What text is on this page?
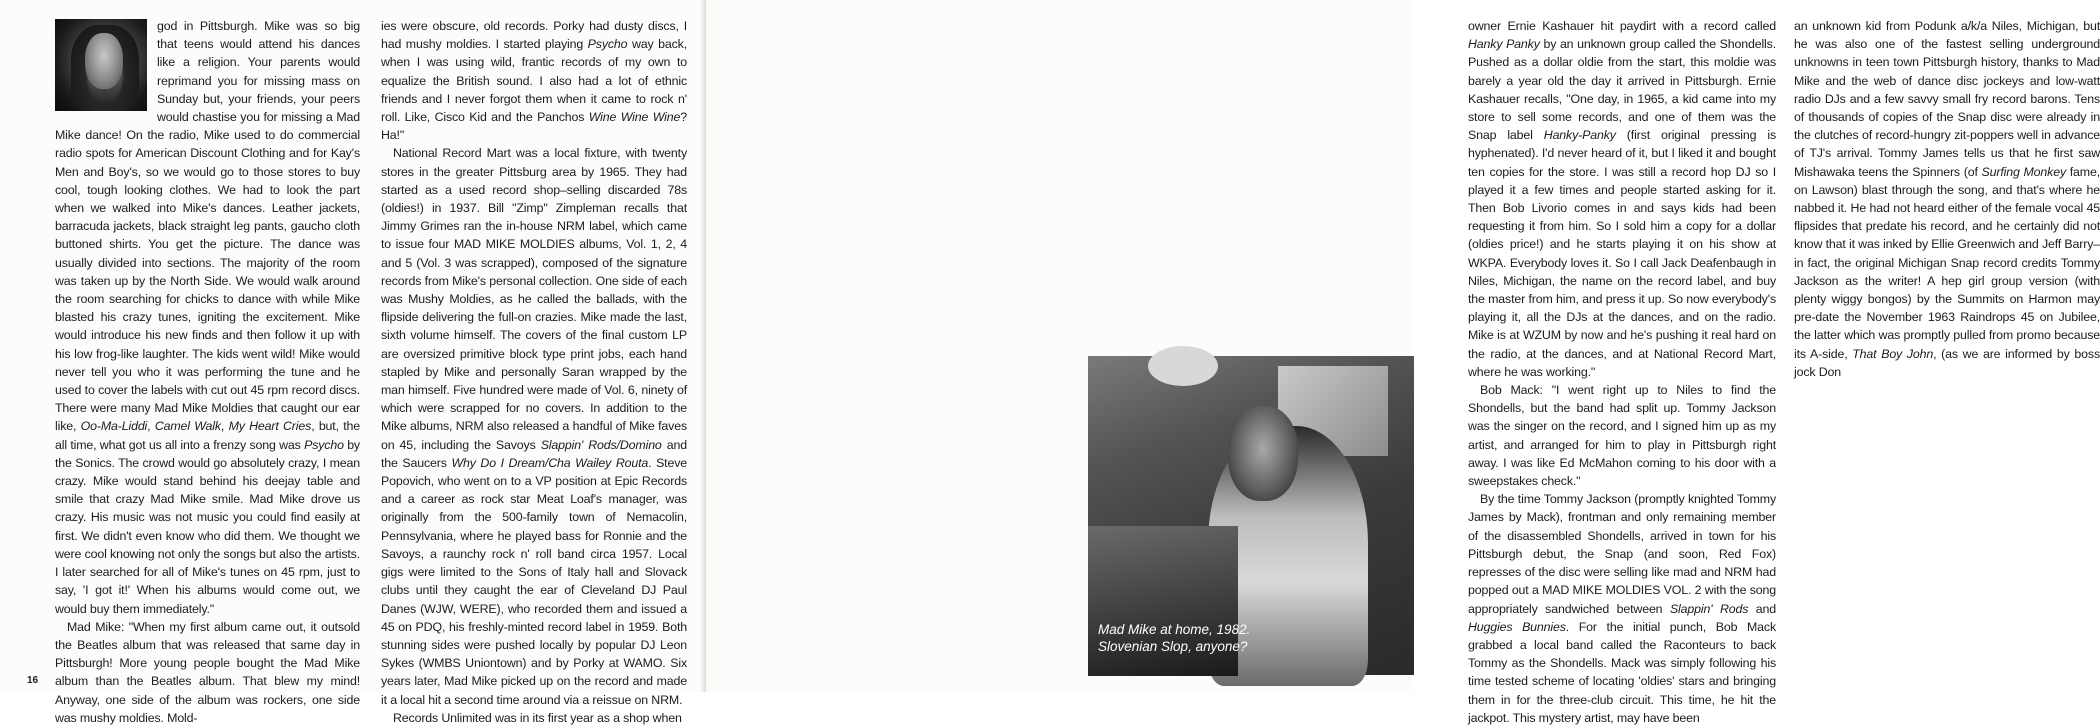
god in Pittsburgh. Mike was so big that teens would attend his dances like a religion. Your parents would reprimand you for missing mass on Sunday but, your friends, your peers would chastise you for missing a Mad Mike dance! On the radio, Mike used to do commercial radio spots for American Discount Clothing and for Kay's Men and Boy's, so we would go to those stores to buy cool, tough looking clothes. We had to look the part when we walked into Mike's dances. Leather jackets, barracuda jackets, black straight leg pants, gaucho cloth buttoned shirts. You get the picture. The dance was usually divided into sections. The majority of the room was taken up by the North Side. We would walk around the room searching for chicks to dance with while Mike blasted his crazy tunes, igniting the excitement. Mike would introduce his new finds and then follow it up with his low frog-like laughter. The kids went wild! Mike would never tell you who it was performing the tune and he used to cover the labels with cut out 45 rpm record discs. There were many Mad Mike Moldies that caught our ear like, Oo-Ma-Liddi, Camel Walk, My Heart Cries, but, the all time, what got us all into a frenzy song was Psycho by the Sonics. The crowd would go absolutely crazy, I mean crazy. Mike would stand behind his deejay table and smile that crazy Mad Mike smile. Mad Mike drove us crazy. His music was not music you could find easily at first. We didn't even know who did them. We thought we were cool knowing not only the songs but also the artists. I later searched for all of Mike's tunes on 45 rpm, just to say, 'I got it!' When his albums would come out, we would buy them immediately."

Mad Mike: "When my first album came out, it outsold the Beatles album that was released that same day in Pittsburgh! More young people bought the Mad Mike album than the Beatles album. That blew my mind! Anyway, one side of the album was rockers, one side was mushy moldies. Mold-

ies were obscure, old records. Porky had dusty discs, I had mushy moldies. I started playing Psycho way back, when I was using wild, frantic records of my own to equalize the British sound. I also had a lot of ethnic friends and I never forgot them when it came to rock n' roll. Like, Cisco Kid and the Panchos Wine Wine Wine? Ha!"

National Record Mart was a local fixture, with twenty stores in the greater Pittsburg area by 1965. They had started as a used record shop–selling discarded 78s (oldies!) in 1937. Bill "Zimp" Zimpleman recalls that Jimmy Grimes ran the in-house NRM label, which came to issue four MAD MIKE MOLDIES albums, Vol. 1, 2, 4 and 5 (Vol. 3 was scrapped), composed of the signature records from Mike's personal collection. One side of each was Mushy Moldies, as he called the ballads, with the flipside delivering the full-on crazies. Mike made the last, sixth volume himself. The covers of the final custom LP are oversized primitive block type print jobs, each hand stapled by Mike and personally Saran wrapped by the man himself. Five hundred were made of Vol. 6, ninety of which were scrapped for no covers. In addition to the Mike albums, NRM also released a handful of Mike faves on 45, including the Savoys Slappin' Rods/Domino and the Saucers Why Do I Dream/Cha Wailey Routa. Steve Popovich, who went on to a VP position at Epic Records and a career as rock star Meat Loaf's manager, was originally from the 500-family town of Nemacolin, Pennsylvania, where he played bass for Ronnie and the Savoys, a raunchy rock n' roll band circa 1957. Local gigs were limited to the Sons of Italy hall and Slovack clubs until they caught the ear of Cleveland DJ Paul Danes (WJW, WERE), who recorded them and issued a 45 on PDQ, his freshly-minted record label in 1959. Both stunning sides were pushed locally by popular DJ Leon Sykes (WMBS Uniontown) and by Porky at WAMO. Six years later, Mad Mike picked up on the record and made it a local hit a second time around via a reissue on NRM.

Records Unlimited was in its first year as a shop when

16

owner Ernie Kashauer hit paydirt with a record called Hanky Panky by an unknown group called the Shondells. Pushed as a dollar oldie from the start, this moldie was barely a year old the day it arrived in Pittsburgh. Ernie Kashauer recalls, "One day, in 1965, a kid came into my store to sell some records, and one of them was the Snap label Hanky-Panky (first original pressing is hyphenated). I'd never heard of it, but I liked it and bought ten copies for the store. I was still a record hop DJ so I played it a few times and people started asking for it. Then Bob Livorio comes in and says kids had been requesting it from him. So I sold him a copy for a dollar (oldies price!) and he starts playing it on his show at WKPA. Everybody loves it. So I call Jack Deafenbaugh in Niles, Michigan, the name on the record label, and buy the master from him, and press it up. So now everybody's playing it, all the DJs at the dances, and on the radio. Mike is at WZUM by now and he's pushing it real hard on the radio, at the dances, and at National Record Mart, where he was working."

Bob Mack: "I went right up to Niles to find the Shondells, but the band had split up. Tommy Jackson was the singer on the record, and I signed him up as my artist, and arranged for him to play in Pittsburgh right away. I was like Ed McMahon coming to his door with a sweepstakes check."

By the time Tommy Jackson (promptly knighted Tommy James by Mack), frontman and only remaining member of the disassembled Shondells, arrived in town for his Pittsburgh debut, the Snap (and soon, Red Fox) represses of the disc were selling like mad and NRM had popped out a MAD MIKE MOLDIES VOL. 2 with the song appropriately sandwiched between Slappin' Rods and Huggies Bunnies. For the initial punch, Bob Mack grabbed a local band called the Raconteurs to back Tommy as the Shondells. Mack was simply following his time tested scheme of locating 'oldies' stars and bringing them in for the three-club circuit. This time, he hit the jackpot. This mystery artist, may have been

an unknown kid from Podunk a/k/a Niles, Michigan, but he was also one of the fastest selling underground unknowns in teen town Pittsburgh history, thanks to Mad Mike and the web of dance disc jockeys and low-watt radio DJs and a few savvy small fry record barons. Tens of thousands of copies of the Snap disc were already in the clutches of record-hungry zit-poppers well in advance of TJ's arrival. Tommy James tells us that he first saw Mishawaka teens the Spinners (of Surfing Monkey fame, on Lawson) blast through the song, and that's where he nabbed it. He had not heard either of the female vocal 45 flipsides that predate his record, and he certainly did not know that it was inked by Ellie Greenwich and Jeff Barry–in fact, the original Michigan Snap record credits Tommy Jackson as the writer! A hep girl group version (with plenty wiggy bongos) by the Summits on Harmon may pre-date the November 1963 Raindrops 45 on Jubilee, the latter which was promptly pulled from promo because its A-side, That Boy John, (as we are informed by boss jock Don

Mad Mike at home, 1982.
Slovenian Slop, anyone?
